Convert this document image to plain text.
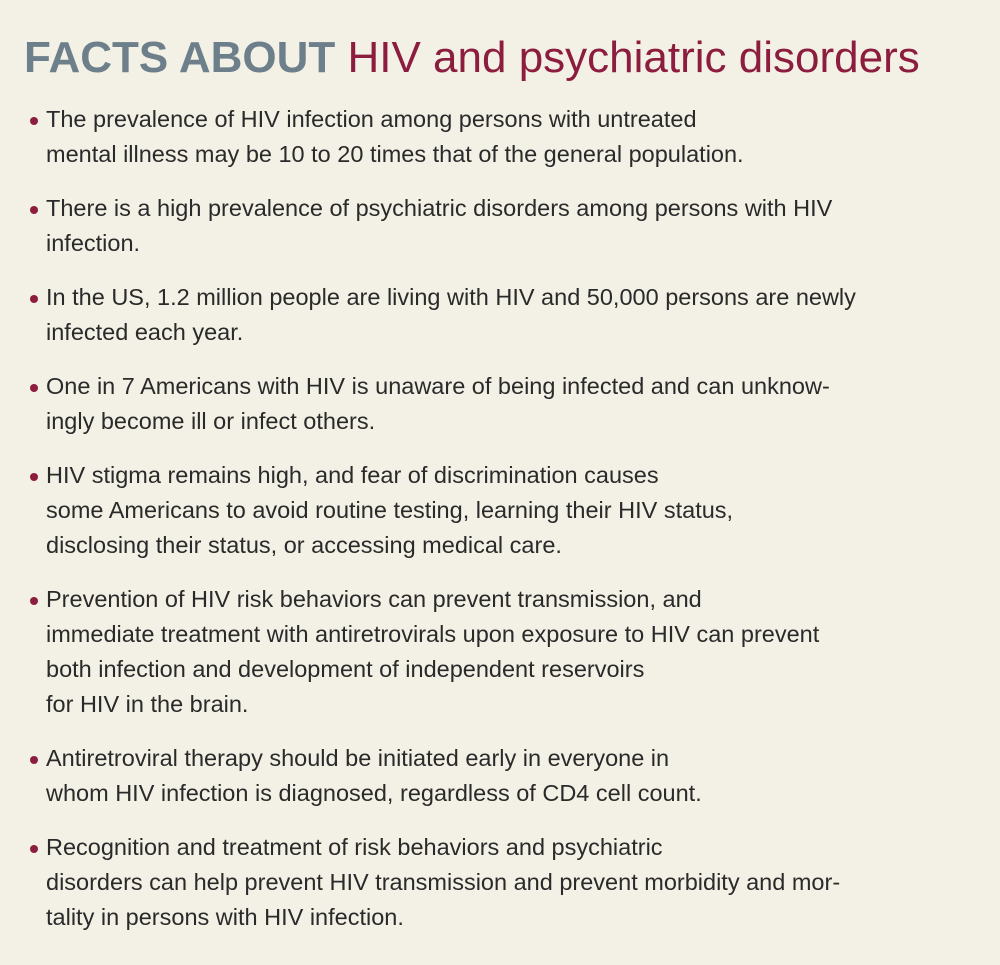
FACTS ABOUT HIV and psychiatric disorders
The prevalence of HIV infection among persons with untreated
mental illness may be 10 to 20 times that of the general population.
There is a high prevalence of psychiatric disorders among persons with HIV
infection.
In the US, 1.2 million people are living with HIV and 50,000 persons are newly
infected each year.
One in 7 Americans with HIV is unaware of being infected and can unknow-
ingly become ill or infect others.
HIV stigma remains high, and fear of discrimination causes
some Americans to avoid routine testing, learning their HIV status,
disclosing their status, or accessing medical care.
Prevention of HIV risk behaviors can prevent transmission, and
immediate treatment with antiretrovirals upon exposure to HIV can prevent
both infection and development of independent reservoirs
for HIV in the brain.
Antiretroviral therapy should be initiated early in everyone in
whom HIV infection is diagnosed, regardless of CD4 cell count.
Recognition and treatment of risk behaviors and psychiatric
disorders can help prevent HIV transmission and prevent morbidity and mor-
tality in persons with HIV infection.
